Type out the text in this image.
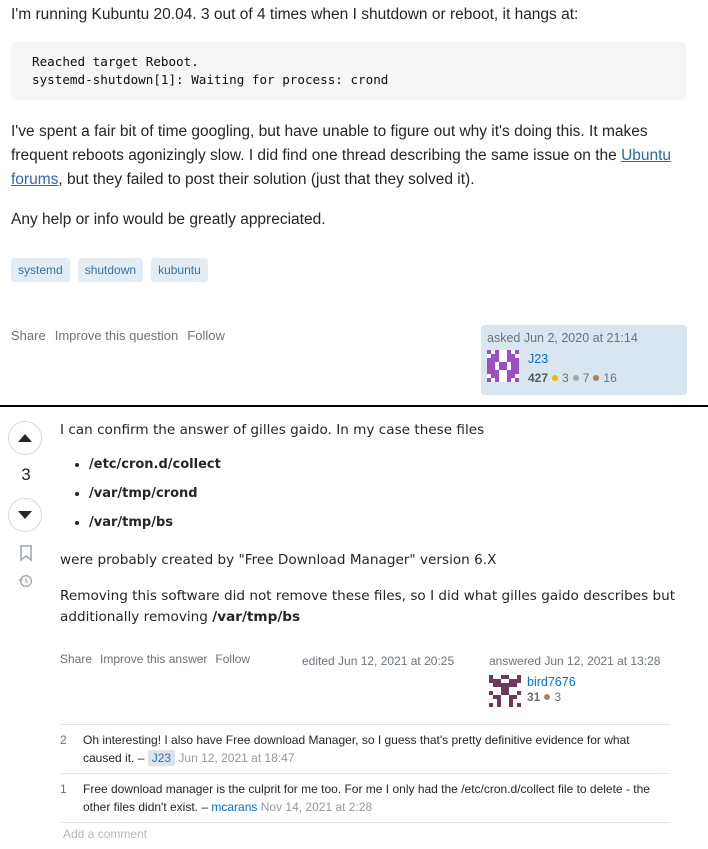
I'm running Kubuntu 20.04. 3 out of 4 times when I shutdown or reboot, it hangs at:
Reached target Reboot.
systemd-shutdown[1]: Waiting for process: crond
I've spent a fair bit of time googling, but have unable to figure out why it's doing this. It makes frequent reboots agonizingly slow. I did find one thread describing the same issue on the Ubuntu forums, but they failed to post their solution (just that they solved it).
Any help or info would be greatly appreciated.
systemd	shutdown	kubuntu
Share Improve this question Follow	asked Jun 2, 2020 at 21:14
J23
427 3 7 16
3
I can confirm the answer of gilles gaido. In my case these files
• /etc/cron.d/collect
• /var/tmp/crond
• /var/tmp/bs
were probably created by "Free Download Manager" version 6.X
Removing this software did not remove these files, so I did what gilles gaido describes but additionally removing /var/tmp/bs
Share Improve this answer Follow	edited Jun 12, 2021 at 20:25	answered Jun 12, 2021 at 13:28
bird7676
31 3
2	Oh interesting! I also have Free download Manager, so I guess that's pretty definitive evidence for what caused it. – J23 Jun 12, 2021 at 18:47
1	Free download manager is the culprit for me too. For me I only had the /etc/cron.d/collect file to delete - the other files didn't exist. – mcarans Nov 14, 2021 at 2:28
Add a comment
